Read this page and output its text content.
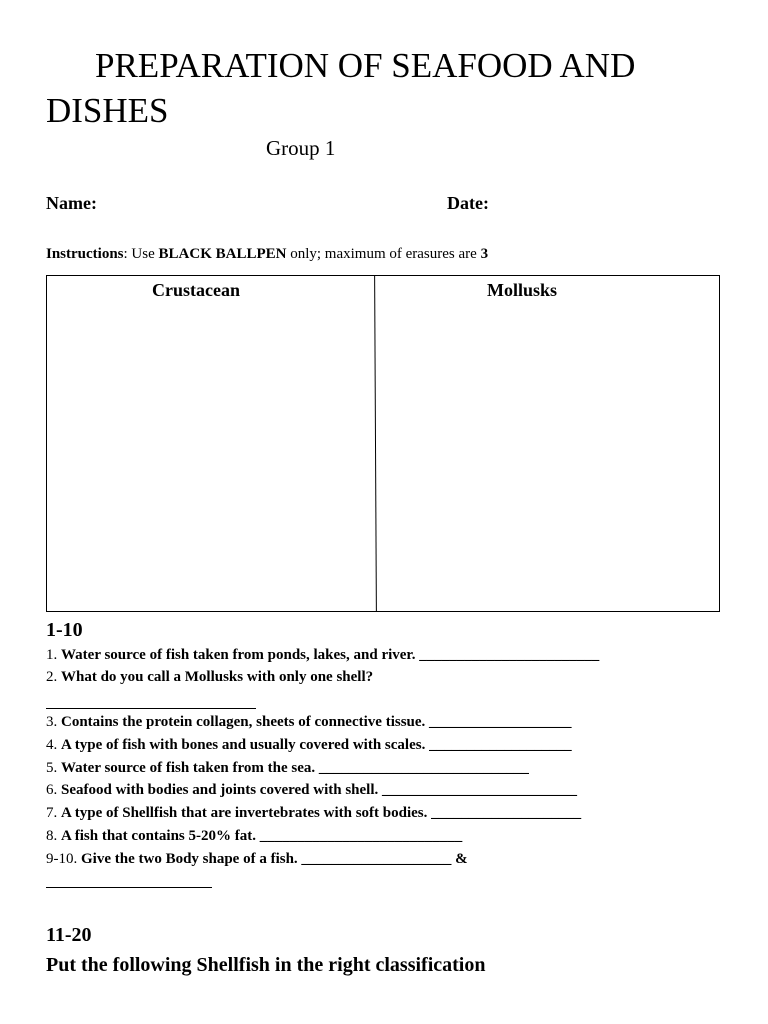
PREPARATION OF SEAFOOD AND
DISHES
Group 1
Name:	Date:
Instructions: Use BLACK BALLPEN only; maximum of erasures are 3
Crustacean	Mollusks
1-10
1. Water source of fish taken from ponds, lakes, and river. ________________________
2. What do you call a Mollusks with only one shell?
3. Contains the protein collagen, sheets of connective tissue. ___________________
4. A type of fish with bones and usually covered with scales. ___________________
5. Water source of fish taken from the sea. ____________________________
6. Seafood with bodies and joints covered with shell. __________________________
7. A type of Shellfish that are invertebrates with soft bodies. ____________________
8. A fish that contains 5-20% fat. ___________________________
9-10. Give the two Body shape of a fish. ____________________ &
11-20
Put the following Shellfish in the right classification
